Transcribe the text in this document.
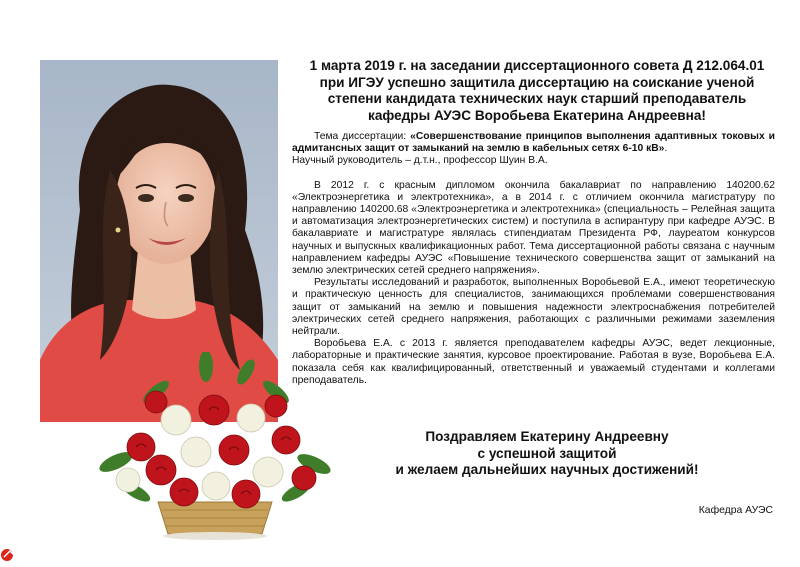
1 марта 2019 г. на заседании диссертационного совета Д 212.064.01
при ИГЭУ успешно защитила диссертацию на соискание ученой
степени кандидата технических наук старший преподаватель
кафедры АУЭС Воробьева Екатерина Андреевна!

Тема диссертации: «Совершенствование принципов выполнения адаптивных токовых и адмитансных защит от замыканий на землю в кабельных сетях 6-10 кВ».

Научный руководитель – д.т.н., профессор Шуин В.А.

В 2012 г. с красным дипломом окончила бакалавриат по направлению 140200.62 «Электроэнергетика и электротехника», а в 2014 г. с отличием окончила магистратуру по направлению 140200.68 «Электроэнергетика и электротехника» (специальность – Релейная защита и автоматизация электроэнергетических систем) и поступила в аспирантуру при кафедре АУЭС. В бакалавриате и магистратуре являлась стипендиатам Президента РФ, лауреатом конкурсов научных и выпускных квалификационных работ. Тема диссертационной работы связана с научным направлением кафедры АУЭС «Повышение технического совершенства защит от замыканий на землю электрических сетей среднего напряжения».

Результаты исследований и разработок, выполненных Воробьевой Е.А., имеют теоретическую и практическую ценность для специалистов, занимающихся проблемами совершенствования защит от замыканий на землю и повышения надежности электроснабжения потребителей электрических сетей среднего напряжения, работающих с различными режимами заземления нейтрали.

Воробьева Е.А. с 2013 г. является преподавателем кафедры АУЭС, ведет лекционные, лабораторные и практические занятия, курсовое проектирование. Работая в вузе, Воробьева Е.А. показала себя как квалифицированный, ответственный и уважаемый студентами и коллегами преподаватель.

Поздравляем Екатерину Андреевну
с успешной защитой
и желаем дальнейших научных достижений!
Кафедра АУЭС
